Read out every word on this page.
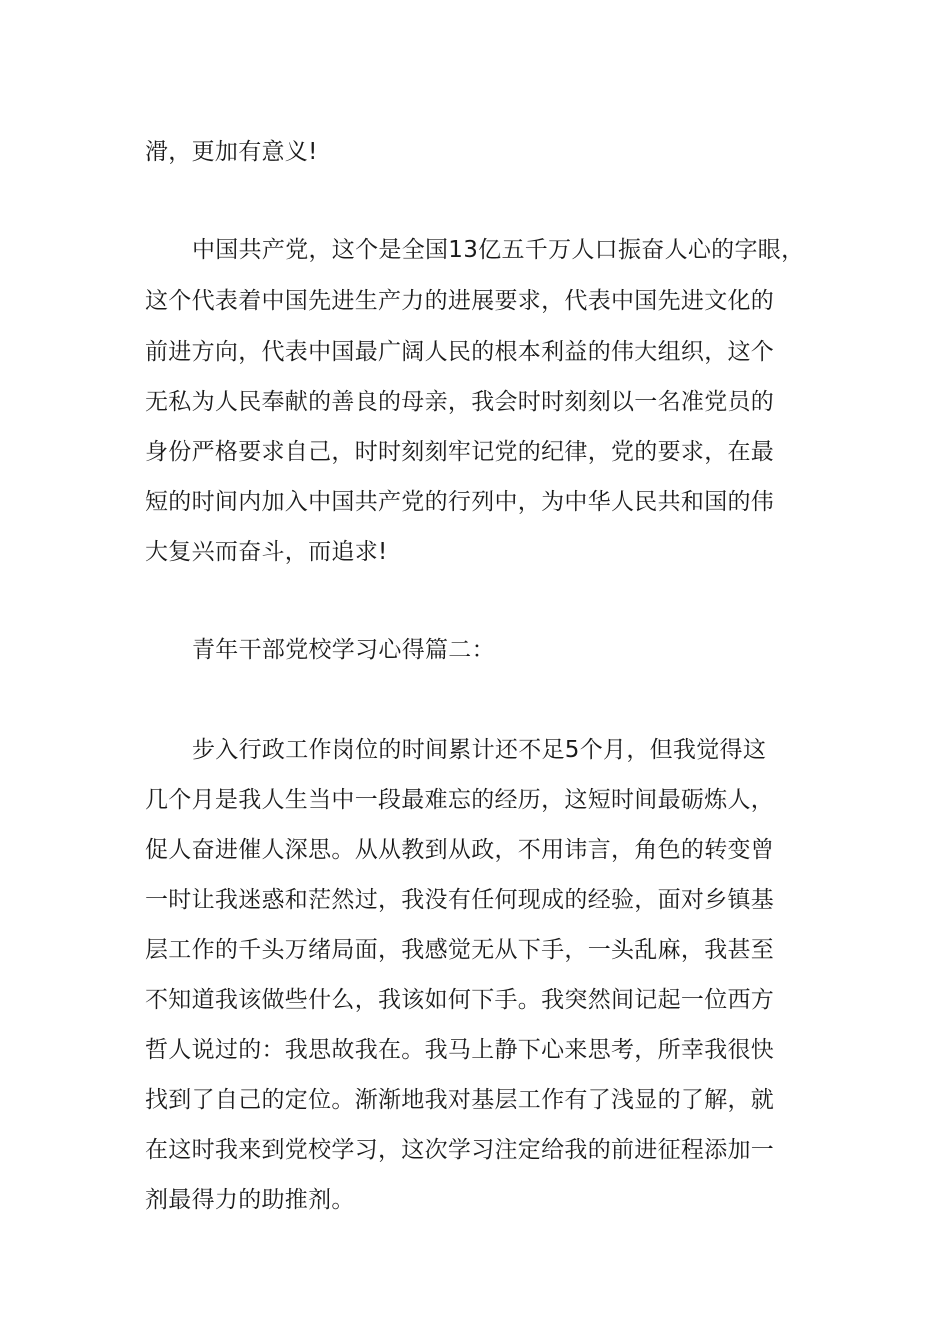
滑，更加有意义!

中国共产党，这个是全国13亿五千万人口振奋人心的字眼，

这个代表着中国先进生产力的进展要求，代表中国先进文化的

前进方向，代表中国最广阔人民的根本利益的伟大组织，这个

无私为人民奉献的善良的母亲，我会时时刻刻以一名准党员的

身份严格要求自己，时时刻刻牢记党的纪律，党的要求，在最

短的时间内加入中国共产党的行列中，为中华人民共和国的伟

大复兴而奋斗，而追求!

青年干部党校学习心得篇二：

步入行政工作岗位的时间累计还不足5个月，但我觉得这

几个月是我人生当中一段最难忘的经历，这短时间最砺炼人，

促人奋进催人深思。从从教到从政，不用讳言，角色的转变曾

一时让我迷惑和茫然过，我没有任何现成的经验，面对乡镇基

层工作的千头万绪局面，我感觉无从下手，一头乱麻，我甚至

不知道我该做些什么，我该如何下手。我突然间记起一位西方

哲人说过的：我思故我在。我马上静下心来思考，所幸我很快

找到了自己的定位。渐渐地我对基层工作有了浅显的了解，就

在这时我来到党校学习，这次学习注定给我的前进征程添加一

剂最得力的助推剂。
